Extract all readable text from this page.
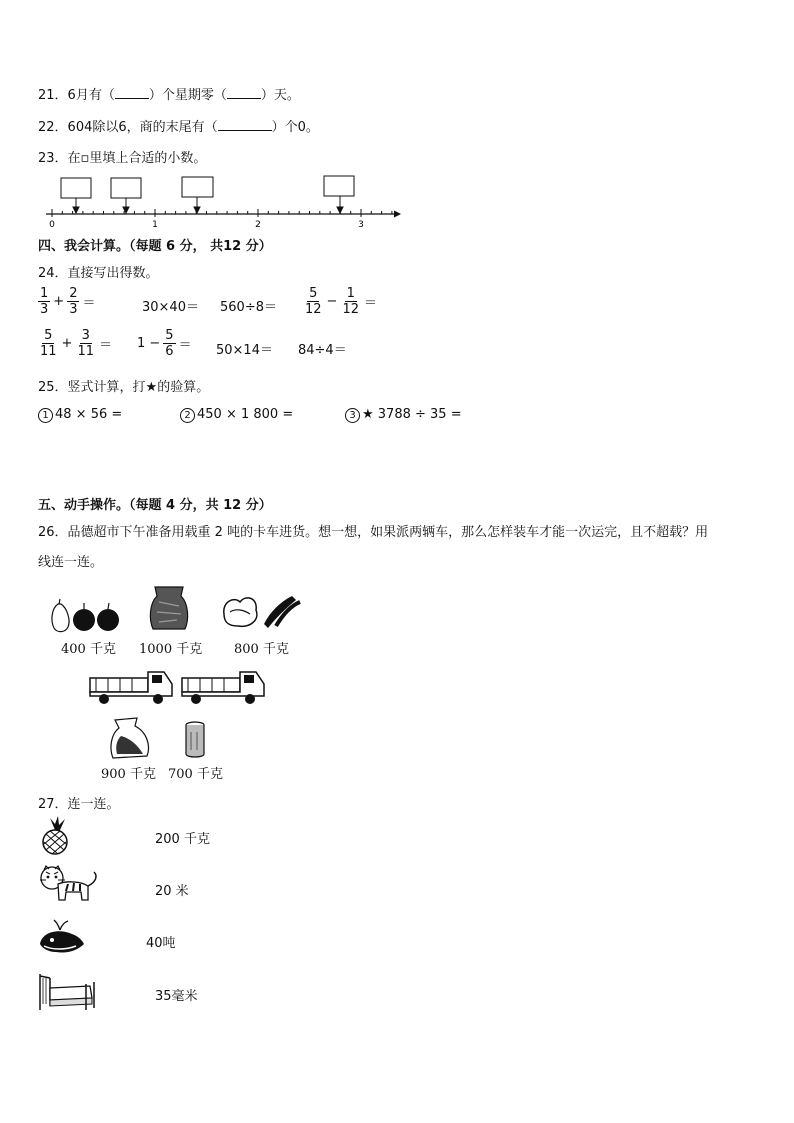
21．6月有（	）个星期零（	）天。
22．604除以6，商的末尾有（	）个0。
23．在▫里填上合适的小数。
0	1	2	3
四、我会计算。（每题 6 分， 共12 分）
24．直接写出得数。
$\frac{1}{3} + \frac{2}{3}$ ＝	$30\times 40= 560\div 8= \frac{5}{12} - \frac{1}{12}$ ＝
$\frac{5}{11} + \frac{3}{11} = 1 - \frac{5}{6} = 50\times 14= 84\div 4=$
25．竖式计算，打★的验算。
1 48 × 56 =	2 450 × 1 800 =	3 ★ 3788 ÷ 35 =
五、动手操作。（每题 4 分，共 12 分）
26．品德超市下午准备用载重 2 吨的卡车进货。想一想，如果派两辆车，那么怎样装车才能一次运完，且不超载？用
线连一连。
400 千克 1000 千克 800 千克
900 千克 700 千克
27．连一连。
200 千克
20 米
40吨
35毫米
